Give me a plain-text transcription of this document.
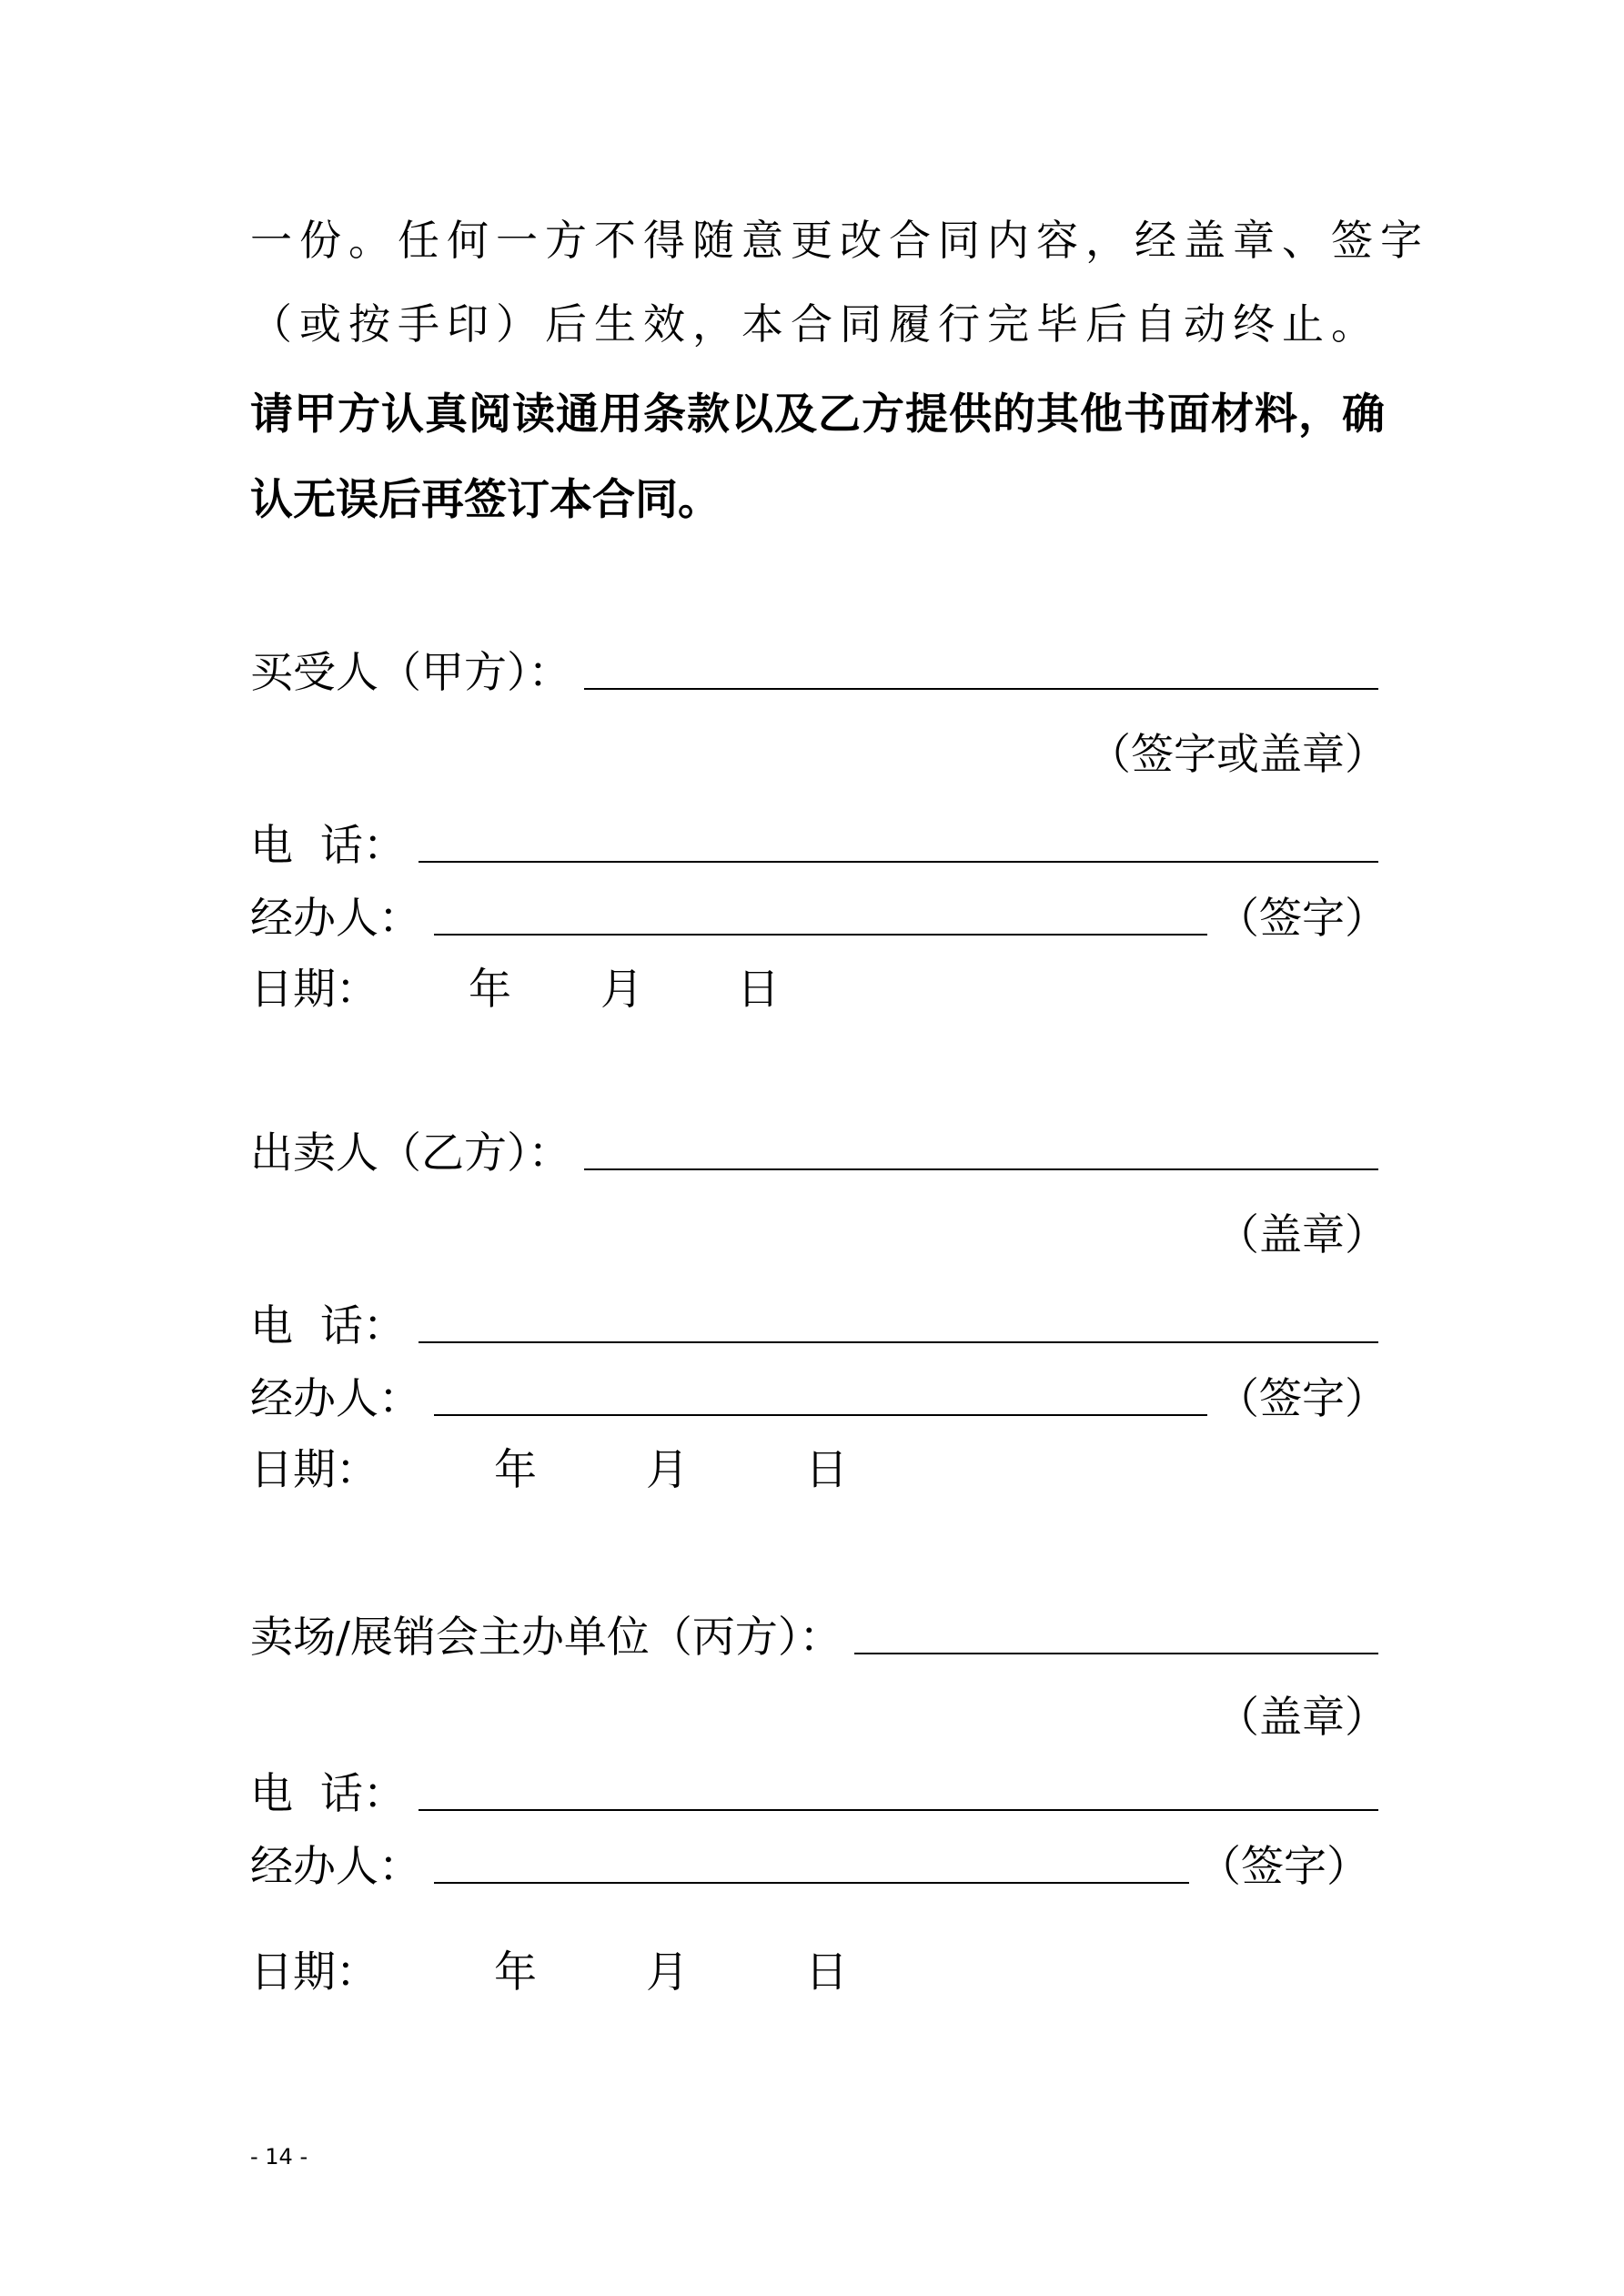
一份。任何一方不得随意更改合同内容，经盖章、签字
（或按手印）后生效，本合同履行完毕后自动终止。
请甲方认真阅读通用条款以及乙方提供的其他书面材料，确
认无误后再签订本合同。
买受人（甲方）：
（签字或盖章）
电  话：
经办人：	（签字）
日期： 年 月 日
出卖人（乙方）：
（盖章）
电  话：
经办人：	（签字）
日期：	年	月	日
卖场/展销会主办单位（丙方）：
（盖章）
电  话：
经办人：	（签字）
日期：	年	月	日
- 14 -
